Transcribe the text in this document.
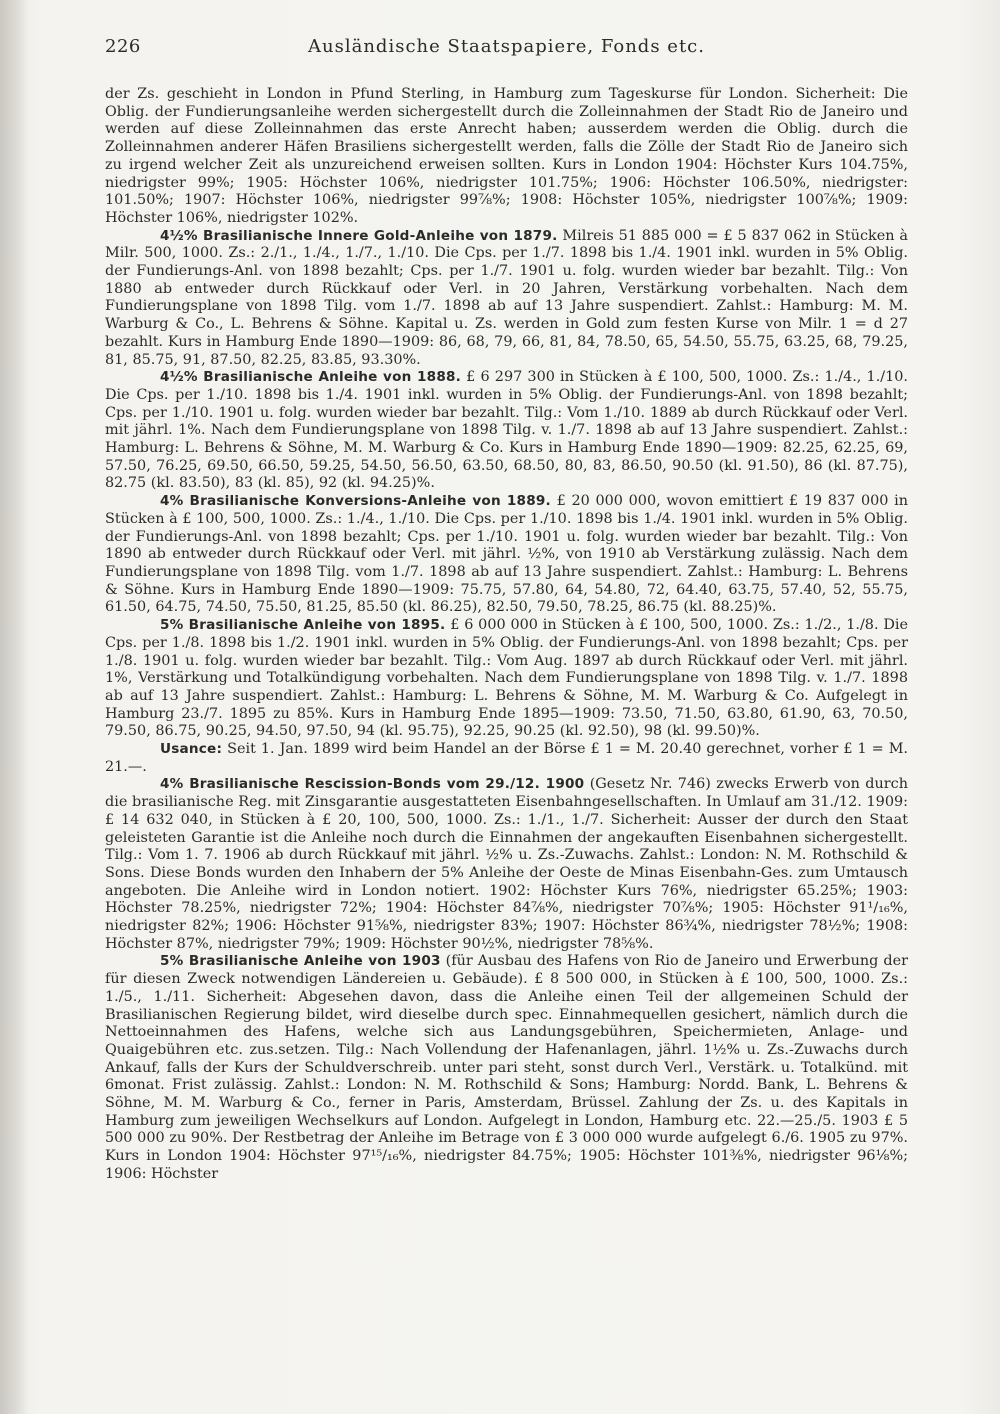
226	Ausländische Staatspapiere, Fonds etc.

der Zs. geschieht in London in Pfund Sterling, in Hamburg zum Tageskurse für London. Sicherheit: Die Oblig. der Fundierungsanleihe werden sichergestellt durch die Zolleinnahmen der Stadt Rio de Janeiro und werden auf diese Zolleinnahmen das erste Anrecht haben; ausserdem werden die Oblig. durch die Zolleinnahmen anderer Häfen Brasiliens sichergestellt werden, falls die Zölle der Stadt Rio de Janeiro sich zu irgend welcher Zeit als unzureichend erweisen sollten. Kurs in London 1904: Höchster Kurs 104.75%, niedrigster 99%; 1905: Höchster 106%, niedrigster 101.75%; 1906: Höchster 106.50%, niedrigster: 101.50%; 1907: Höchster 106%, niedrigster 99⅞%; 1908: Höchster 105%, niedrigster 100⅞%; 1909: Höchster 106%, niedrigster 102%.

4½% Brasilianische Innere Gold-Anleihe von 1879. Milreis 51 885 000 = £ 5 837 062 in Stücken à Milr. 500, 1000. Zs.: 2./1., 1./4., 1./7., 1./10. Die Cps. per 1./7. 1898 bis 1./4. 1901 inkl. wurden in 5% Oblig. der Fundierungs-Anl. von 1898 bezahlt; Cps. per 1./7. 1901 u. folg. wurden wieder bar bezahlt. Tilg.: Von 1880 ab entweder durch Rückkauf oder Verl. in 20 Jahren, Verstärkung vorbehalten. Nach dem Fundierungsplane von 1898 Tilg. vom 1./7. 1898 ab auf 13 Jahre suspendiert. Zahlst.: Hamburg: M. M. Warburg & Co., L. Behrens & Söhne. Kapital u. Zs. werden in Gold zum festen Kurse von Milr. 1 = d 27 bezahlt. Kurs in Hamburg Ende 1890—1909: 86, 68, 79, 66, 81, 84, 78.50, 65, 54.50, 55.75, 63.25, 68, 79.25, 81, 85.75, 91, 87.50, 82.25, 83.85, 93.30%.

4½% Brasilianische Anleihe von 1888. £ 6 297 300 in Stücken à £ 100, 500, 1000. Zs.: 1./4., 1./10. Die Cps. per 1./10. 1898 bis 1./4. 1901 inkl. wurden in 5% Oblig. der Fundierungs-Anl. von 1898 bezahlt; Cps. per 1./10. 1901 u. folg. wurden wieder bar bezahlt. Tilg.: Vom 1./10. 1889 ab durch Rückkauf oder Verl. mit jährl. 1%. Nach dem Fundierungsplane von 1898 Tilg. v. 1./7. 1898 ab auf 13 Jahre suspendiert. Zahlst.: Hamburg: L. Behrens & Söhne, M. M. Warburg & Co. Kurs in Hamburg Ende 1890—1909: 82.25, 62.25, 69, 57.50, 76.25, 69.50, 66.50, 59.25, 54.50, 56.50, 63.50, 68.50, 80, 83, 86.50, 90.50 (kl. 91.50), 86 (kl. 87.75), 82.75 (kl. 83.50), 83 (kl. 85), 92 (kl. 94.25)%.

4% Brasilianische Konversions-Anleihe von 1889. £ 20 000 000, wovon emittiert £ 19 837 000 in Stücken à £ 100, 500, 1000. Zs.: 1./4., 1./10. Die Cps. per 1./10. 1898 bis 1./4. 1901 inkl. wurden in 5% Oblig. der Fundierungs-Anl. von 1898 bezahlt; Cps. per 1./10. 1901 u. folg. wurden wieder bar bezahlt. Tilg.: Von 1890 ab entweder durch Rückkauf oder Verl. mit jährl. ½%, von 1910 ab Verstärkung zulässig. Nach dem Fundierungsplane von 1898 Tilg. vom 1./7. 1898 ab auf 13 Jahre suspendiert. Zahlst.: Hamburg: L. Behrens & Söhne. Kurs in Hamburg Ende 1890—1909: 75.75, 57.80, 64, 54.80, 72, 64.40, 63.75, 57.40, 52, 55.75, 61.50, 64.75, 74.50, 75.50, 81.25, 85.50 (kl. 86.25), 82.50, 79.50, 78.25, 86.75 (kl. 88.25)%.

5% Brasilianische Anleihe von 1895. £ 6 000 000 in Stücken à £ 100, 500, 1000. Zs.: 1./2., 1./8. Die Cps. per 1./8. 1898 bis 1./2. 1901 inkl. wurden in 5% Oblig. der Fundierungs-Anl. von 1898 bezahlt; Cps. per 1./8. 1901 u. folg. wurden wieder bar bezahlt. Tilg.: Vom Aug. 1897 ab durch Rückkauf oder Verl. mit jährl. 1%, Verstärkung und Totalkündigung vorbehalten. Nach dem Fundierungsplane von 1898 Tilg. v. 1./7. 1898 ab auf 13 Jahre suspendiert. Zahlst.: Hamburg: L. Behrens & Söhne, M. M. Warburg & Co. Aufgelegt in Hamburg 23./7. 1895 zu 85%. Kurs in Hamburg Ende 1895—1909: 73.50, 71.50, 63.80, 61.90, 63, 70.50, 79.50, 86.75, 90.25, 94.50, 97.50, 94 (kl. 95.75), 92.25, 90.25 (kl. 92.50), 98 (kl. 99.50)%.

Usance: Seit 1. Jan. 1899 wird beim Handel an der Börse £ 1 = M. 20.40 gerechnet, vorher £ 1 = M. 21.—.

4% Brasilianische Rescission-Bonds vom 29./12. 1900 (Gesetz Nr. 746) zwecks Erwerb von durch die brasilianische Reg. mit Zinsgarantie ausgestatteten Eisenbahngesellschaften. In Umlauf am 31./12. 1909: £ 14 632 040, in Stücken à £ 20, 100, 500, 1000. Zs.: 1./1., 1./7. Sicherheit: Ausser der durch den Staat geleisteten Garantie ist die Anleihe noch durch die Einnahmen der angekauften Eisenbahnen sichergestellt. Tilg.: Vom 1. 7. 1906 ab durch Rückkauf mit jährl. ½% u. Zs.-Zuwachs. Zahlst.: London: N. M. Rothschild & Sons. Diese Bonds wurden den Inhabern der 5% Anleihe der Oeste de Minas Eisenbahn-Ges. zum Umtausch angeboten. Die Anleihe wird in London notiert. 1902: Höchster Kurs 76%, niedrigster 65.25%; 1903: Höchster 78.25%, niedrigster 72%; 1904: Höchster 84⅞%, niedrigster 70⅞%; 1905: Höchster 91¹/₁₆%, niedrigster 82%; 1906: Höchster 91⅝%, niedrigster 83%; 1907: Höchster 86¾%, niedrigster 78½%; 1908: Höchster 87%, niedrigster 79%; 1909: Höchster 90½%, niedrigster 78⅝%.

5% Brasilianische Anleihe von 1903 (für Ausbau des Hafens von Rio de Janeiro und Erwerbung der für diesen Zweck notwendigen Ländereien u. Gebäude). £ 8 500 000, in Stücken à £ 100, 500, 1000. Zs.: 1./5., 1./11. Sicherheit: Abgesehen davon, dass die Anleihe einen Teil der allgemeinen Schuld der Brasilianischen Regierung bildet, wird dieselbe durch spec. Einnahmequellen gesichert, nämlich durch die Nettoeinnahmen des Hafens, welche sich aus Landungsgebühren, Speichermieten, Anlage- und Quaigebühren etc. zus.setzen. Tilg.: Nach Vollendung der Hafenanlagen, jährl. 1½% u. Zs.-Zuwachs durch Ankauf, falls der Kurs der Schuldverschreib. unter pari steht, sonst durch Verl., Verstärk. u. Totalkünd. mit 6monat. Frist zulässig. Zahlst.: London: N. M. Rothschild & Sons; Hamburg: Nordd. Bank, L. Behrens & Söhne, M. M. Warburg & Co., ferner in Paris, Amsterdam, Brüssel. Zahlung der Zs. u. des Kapitals in Hamburg zum jeweiligen Wechselkurs auf London. Aufgelegt in London, Hamburg etc. 22.—25./5. 1903 £ 5 500 000 zu 90%. Der Restbetrag der Anleihe im Betrage von £ 3 000 000 wurde aufgelegt 6./6. 1905 zu 97%. Kurs in London 1904: Höchster 97¹⁵/₁₆%, niedrigster 84.75%; 1905: Höchster 101⅜%, niedrigster 96⅛%; 1906: Höchster
